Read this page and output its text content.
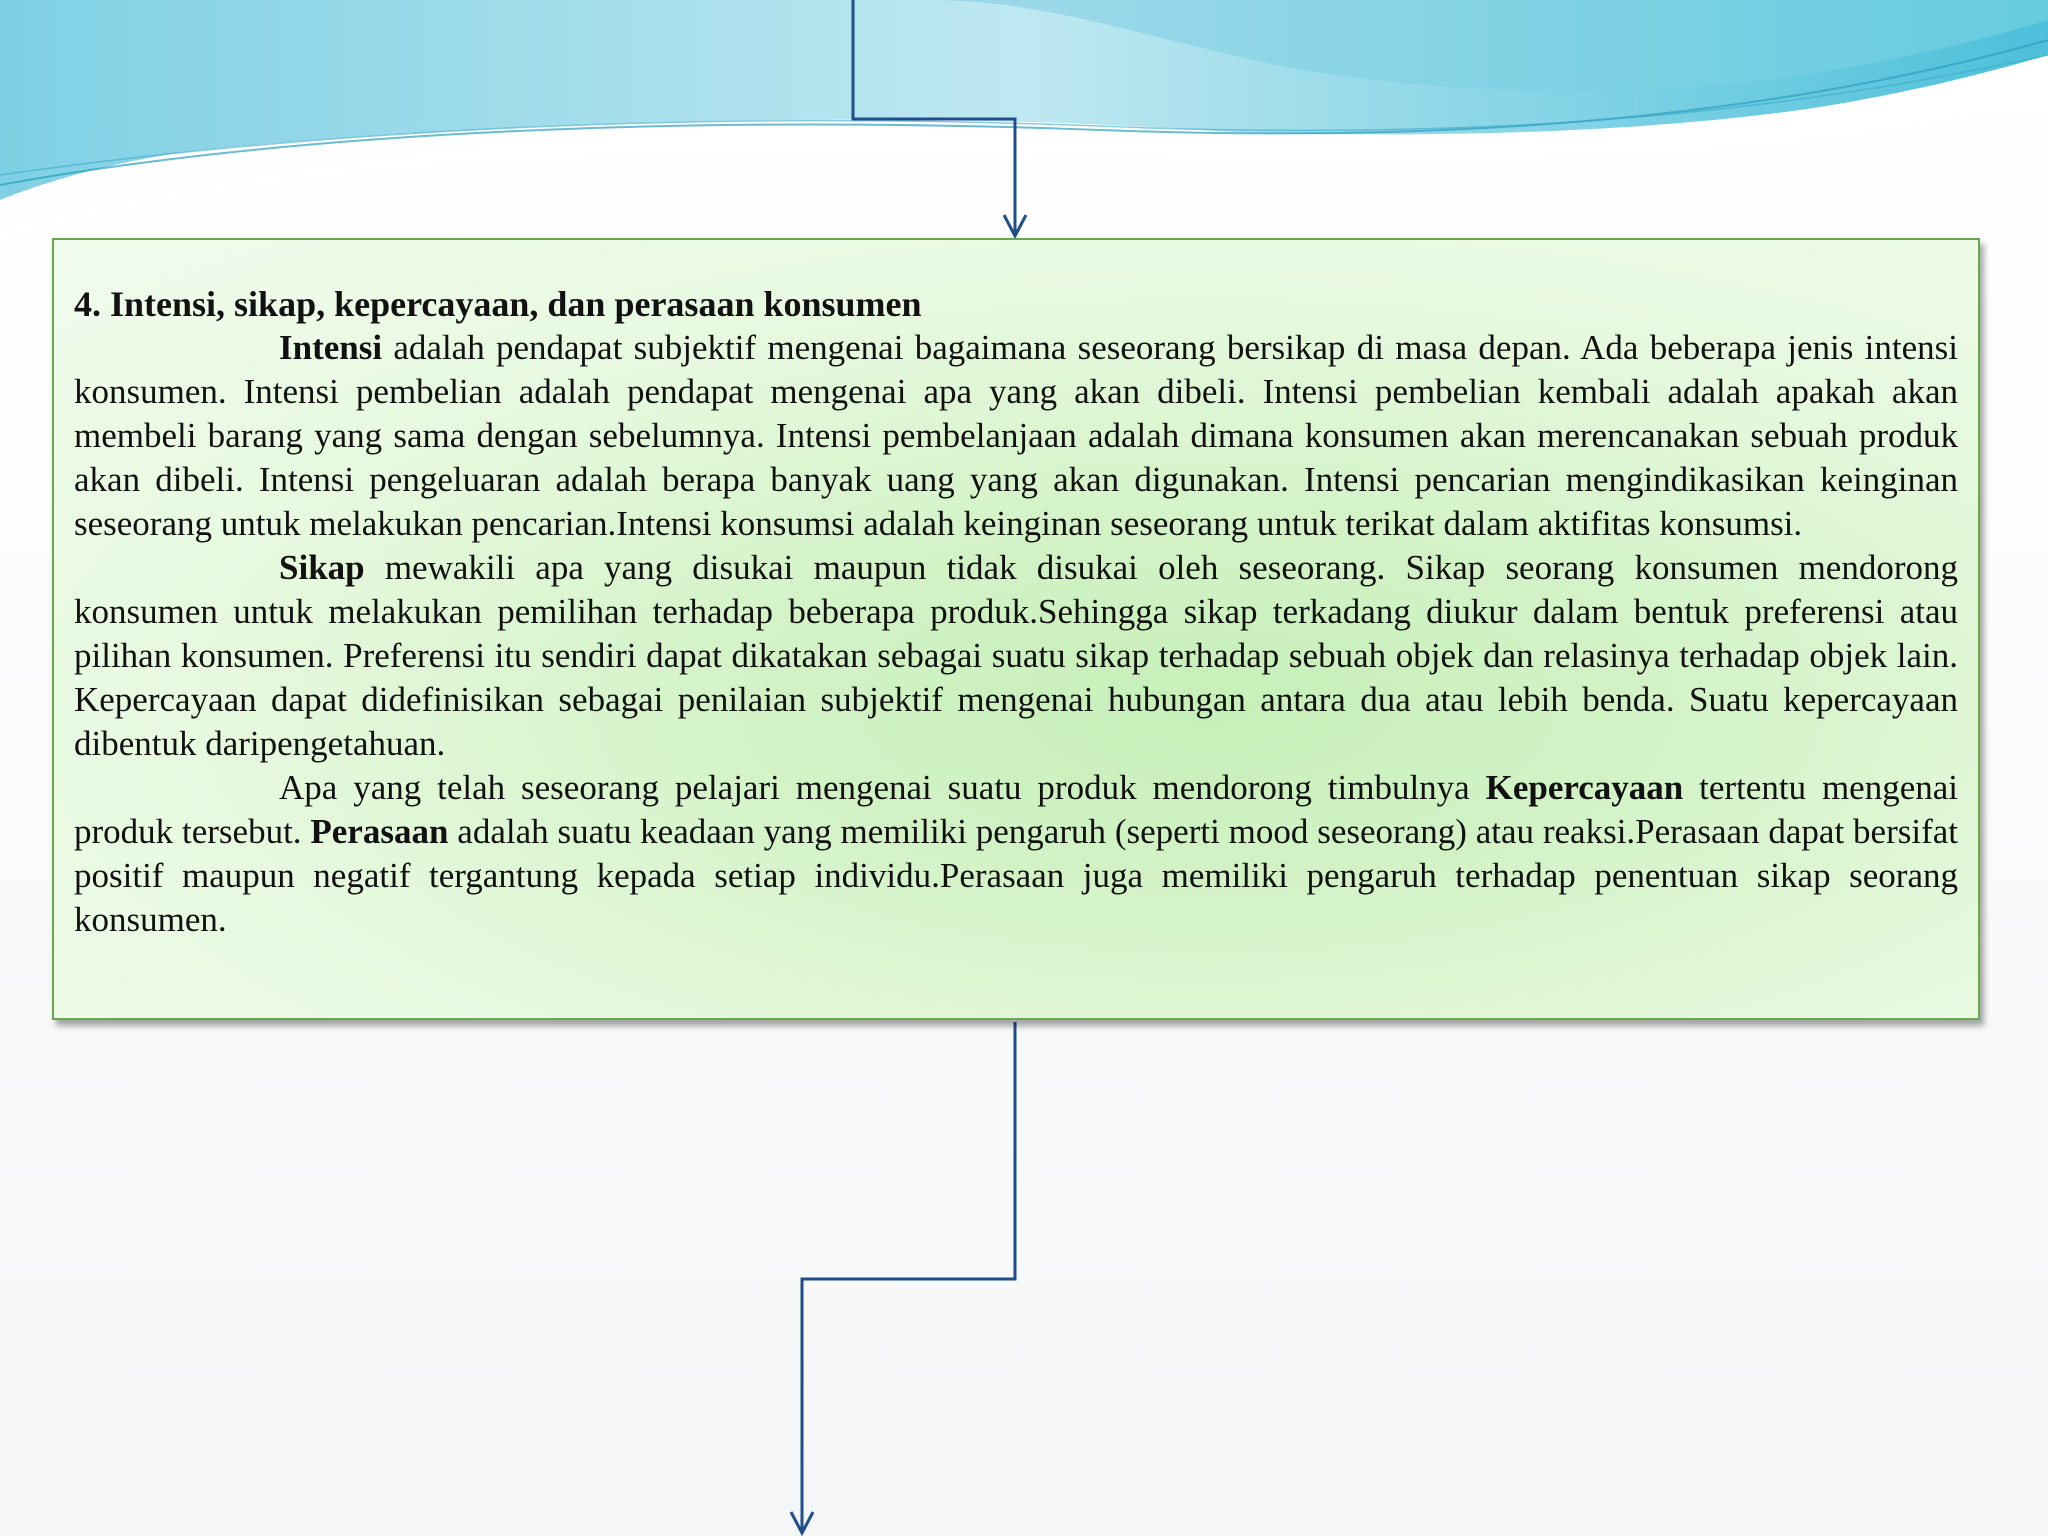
4. Intensi, sikap, kepercayaan, dan perasaan konsumen

Intensi adalah pendapat subjektif mengenai bagaimana seseorang bersikap di masa depan. Ada beberapa jenis intensi konsumen. Intensi pembelian adalah pendapat mengenai apa yang akan dibeli. Intensi pembelian kembali adalah apakah akan membeli barang yang sama dengan sebelumnya. Intensi pembelanjaan adalah dimana konsumen akan merencanakan sebuah produk akan dibeli. Intensi pengeluaran adalah berapa banyak uang yang akan digunakan. Intensi pencarian mengindikasikan keinginan seseorang untuk melakukan pencarian.Intensi konsumsi adalah keinginan seseorang untuk terikat dalam aktifitas konsumsi.

Sikap mewakili apa yang disukai maupun tidak disukai oleh seseorang. Sikap seorang konsumen mendorong konsumen untuk melakukan pemilihan terhadap beberapa produk.Sehingga sikap terkadang diukur dalam bentuk preferensi atau pilihan konsumen. Preferensi itu sendiri dapat dikatakan sebagai suatu sikap terhadap sebuah objek dan relasinya terhadap objek lain. Kepercayaan dapat didefinisikan sebagai penilaian subjektif mengenai hubungan antara dua atau lebih benda. Suatu kepercayaan dibentuk daripengetahuan.

Apa yang telah seseorang pelajari mengenai suatu produk mendorong timbulnya Kepercayaan tertentu mengenai produk tersebut. Perasaan adalah suatu keadaan yang memiliki pengaruh (seperti mood seseorang) atau reaksi.Perasaan dapat bersifat positif maupun negatif tergantung kepada setiap individu.Perasaan juga memiliki pengaruh terhadap penentuan sikap seorang konsumen.
